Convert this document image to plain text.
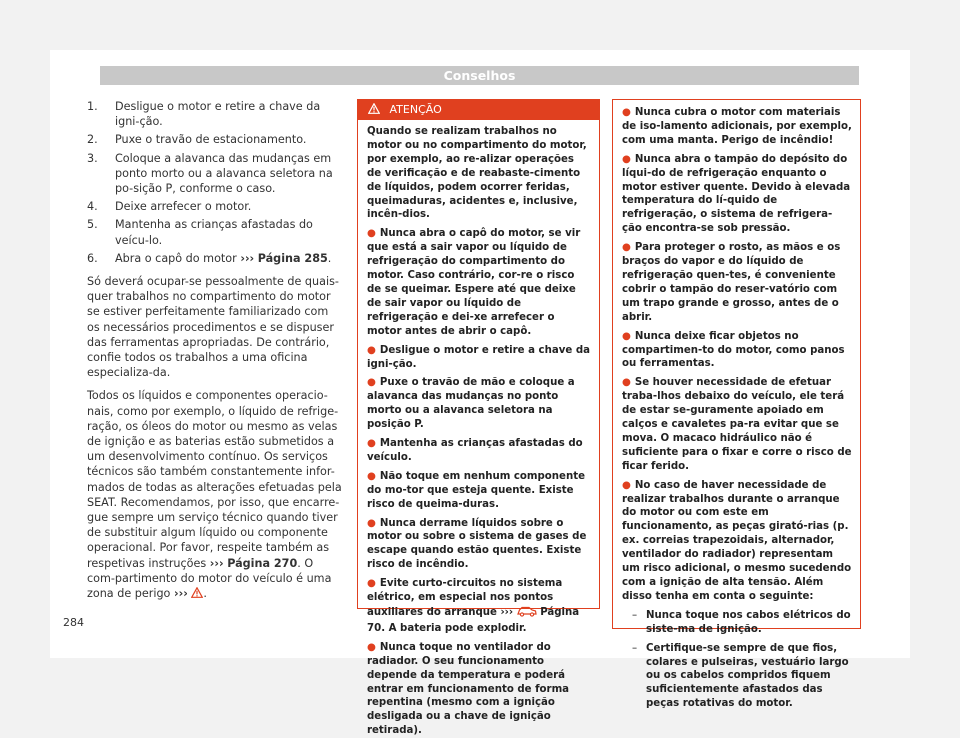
Conselhos
1. Desligue o motor e retire a chave da igni-ção.
2. Puxe o travão de estacionamento.
3. Coloque a alavanca das mudanças em ponto morto ou a alavanca seletora na po-sição P, conforme o caso.
4. Deixe arrefecer o motor.
5. Mantenha as crianças afastadas do veícu-lo.
6. Abra o capô do motor ››› Página 285.

Só deverá ocupar-se pessoalmente de quais-quer trabalhos no compartimento do motor se estiver perfeitamente familiarizado com os necessários procedimentos e se dispuser das ferramentas apropriadas. De contrário, confie todos os trabalhos a uma oficina especializa-da.

Todos os líquidos e componentes operacio-nais, como por exemplo, o líquido de refrige-ração, os óleos do motor ou mesmo as velas de ignição e as baterias estão submetidos a um desenvolvimento contínuo. Os serviços técnicos são também constantemente infor-mados de todas as alterações efetuadas pela SEAT. Recomendamos, por isso, que encarre-gue sempre um serviço técnico quando tiver de substituir algum líquido ou componente operacional. Por favor, respeite também as respetivas instruções ››› Página 270. O com-partimento do motor do veículo é uma zona de perigo ››› .

284
ATENÇÃO

Quando se realizam trabalhos no motor ou no compartimento do motor, por exemplo, ao re-alizar operações de verificação e de reabaste-cimento de líquidos, podem ocorrer feridas, queimaduras, acidentes e, inclusive, incên-dios.

● Nunca abra o capô do motor, se vir que está a sair vapor ou líquido de refrigeração do compartimento do motor. Caso contrário, cor-re o risco de se queimar. Espere até que deixe de sair vapor ou líquido de refrigeração e dei-xe arrefecer o motor antes de abrir o capô.

● Desligue o motor e retire a chave da igni-ção.

● Puxe o travão de mão e coloque a alavanca das mudanças no ponto morto ou a alavanca seletora na posição P.

● Mantenha as crianças afastadas do veículo.

● Não toque em nenhum componente do mo-tor que esteja quente. Existe risco de queima-duras.

● Nunca derrame líquidos sobre o motor ou sobre o sistema de gases de escape quando estão quentes. Existe risco de incêndio.

● Evite curto-circuitos no sistema elétrico, em especial nos pontos auxiliares do arranque ›››	Página 70. A bateria pode explodir.

● Nunca toque no ventilador do radiador. O seu funcionamento depende da temperatura e poderá entrar em funcionamento de forma repentina (mesmo com a ignição desligada ou a chave de ignição retirada).

● Nunca cubra o motor com materiais de iso-lamento adicionais, por exemplo, com uma manta. Perigo de incêndio!

● Nunca abra o tampão do depósito do líqui-do de refrigeração enquanto o motor estiver quente. Devido à elevada temperatura do lí-quido de refrigeração, o sistema de refrigera-ção encontra-se sob pressão.

● Para proteger o rosto, as mãos e os braços do vapor e do líquido de refrigeração quen-tes, é conveniente cobrir o tampão do reser-vatório com um trapo grande e grosso, antes de o abrir.

● Nunca deixe ficar objetos no compartimen-to do motor, como panos ou ferramentas.

● Se houver necessidade de efetuar traba-lhos debaixo do veículo, ele terá de estar se-guramente apoiado em calços e cavaletes pa-ra evitar que se mova. O macaco hidráulico não é suficiente para o fixar e corre o risco de ficar ferido.

● No caso de haver necessidade de realizar trabalhos durante o arranque do motor ou com este em funcionamento, as peças girató-rias (p. ex. correias trapezoidais, alternador, ventilador do radiador) representam um risco adicional, o mesmo sucedendo com a ignição de alta tensão. Além disso tenha em conta o seguinte:

– Nunca toque nos cabos elétricos do siste-ma de ignição.
– Certifique-se sempre de que fios, colares e pulseiras, vestuário largo ou os cabelos compridos fiquem suficientemente afastados das peças rotativas do motor.
